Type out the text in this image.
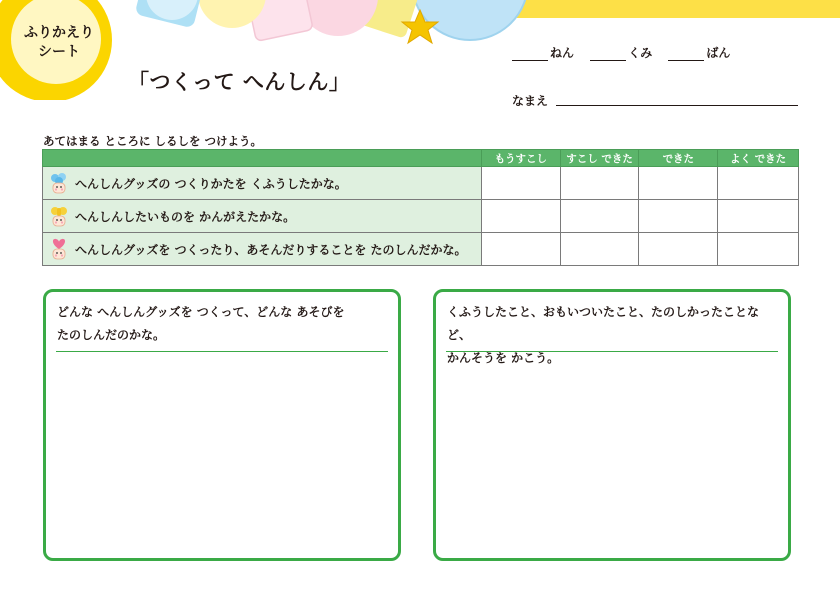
ふりかえり
シート
「つくって へんしん」
ねん	くみ	ばん
なまえ
あてはまる ところに しるしを つけよう。
	もうすこし	すこし できた	できた	よく できた

へんしんグッズの つくりかたを くふうしたかな。				

へんしんしたいものを かんがえたかな。				

へんしんグッズを つくったり、あそんだりすることを たのしんだかな。				

どんな へんしんグッズを つくって、どんな あそびを
たのしんだのかな。
くふうしたこと、おもいついたこと、たのしかったことなど、
かんそうを かこう。
